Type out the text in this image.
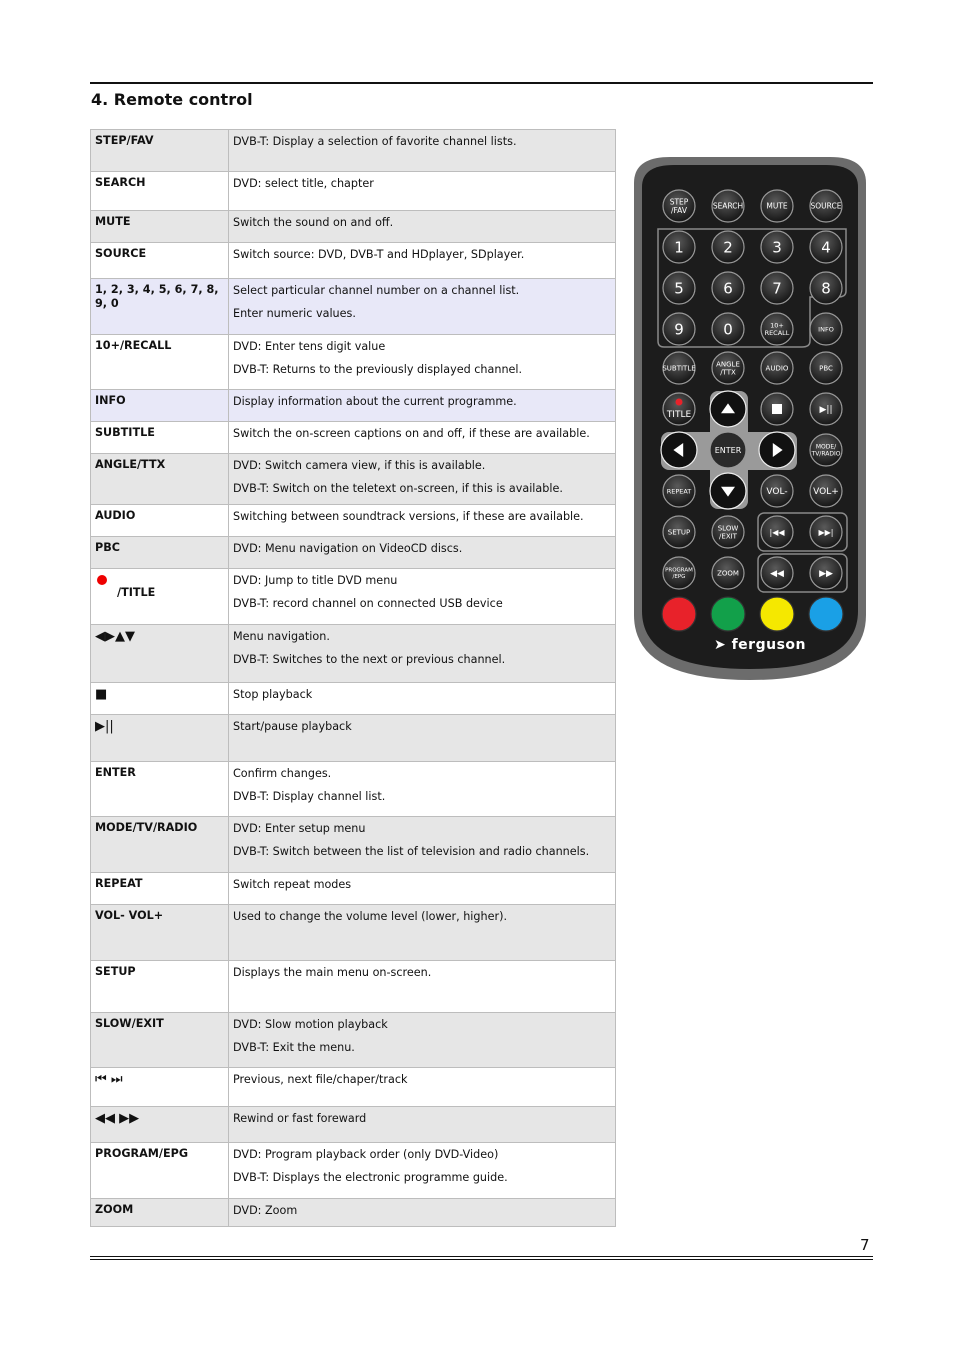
4. Remote control
STEP/FAV	DVB-T: Display a selection of favorite channel lists.

SEARCH	DVD: select title, chapter

MUTE	Switch the sound on and off.

SOURCE	Switch source: DVD, DVB-T and HDplayer, SDplayer.

1, 2, 3, 4, 5, 6, 7, 8, 9, 0	Select particular channel number on a channel list.

Enter numeric values.

10+/RECALL	DVD: Enter tens digit value

DVB-T: Returns to the previously displayed channel.

INFO	Display information about the current programme.

SUBTITLE	Switch the on-screen captions on and off, if these are available.

ANGLE/TTX	DVD: Switch camera view, if this is available.

DVB-T: Switch on the teletext on-screen, if this is available.

AUDIO	Switching between soundtrack versions, if these are available.

PBC	DVD: Menu navigation on VideoCD discs.

/TITLE	DVD: Jump to title DVD menu

DVB-T: record channel on connected USB device

◀▶▲▼	Menu navigation.

DVB-T: Switches to the next or previous channel.

■	Stop playback

▶||	Start/pause playback

ENTER	Confirm changes.

DVB-T: Display channel list.

MODE/TV/RADIO	DVD: Enter setup menu

DVB-T: Switch between the list of television and radio channels.

REPEAT	Switch repeat modes

VOL- VOL+	Used to change the volume level (lower, higher).

SETUP	Displays the main menu on-screen.

SLOW/EXIT	DVD: Slow motion playback

DVB-T: Exit the menu.

⏮ ⏭	Previous, next file/chaper/track

◀◀ ▶▶	Rewind or fast foreward

PROGRAM/EPG	DVD: Program playback order (only DVD-Video)

DVB-T: Displays the electronic programme guide.

ZOOM	DVD: Zoom

STEP
/FAV	SEARCH	MUTE	SOURCE
1	2	3	4
5	6	7	8
9	0	10+
RECALL	INFO
SUBTITLE	ANGLE
/TTX	AUDIO	PBC
TITLE
ENTER
▶||
MODE/
TV/RADIO
REPEAT	VOL-	VOL+
SETUP	SLOW
/EXIT	|◀◀	▶▶|
PROGRAM
/EPG	ZOOM	◀◀	▶▶
➤ ferguson
7
